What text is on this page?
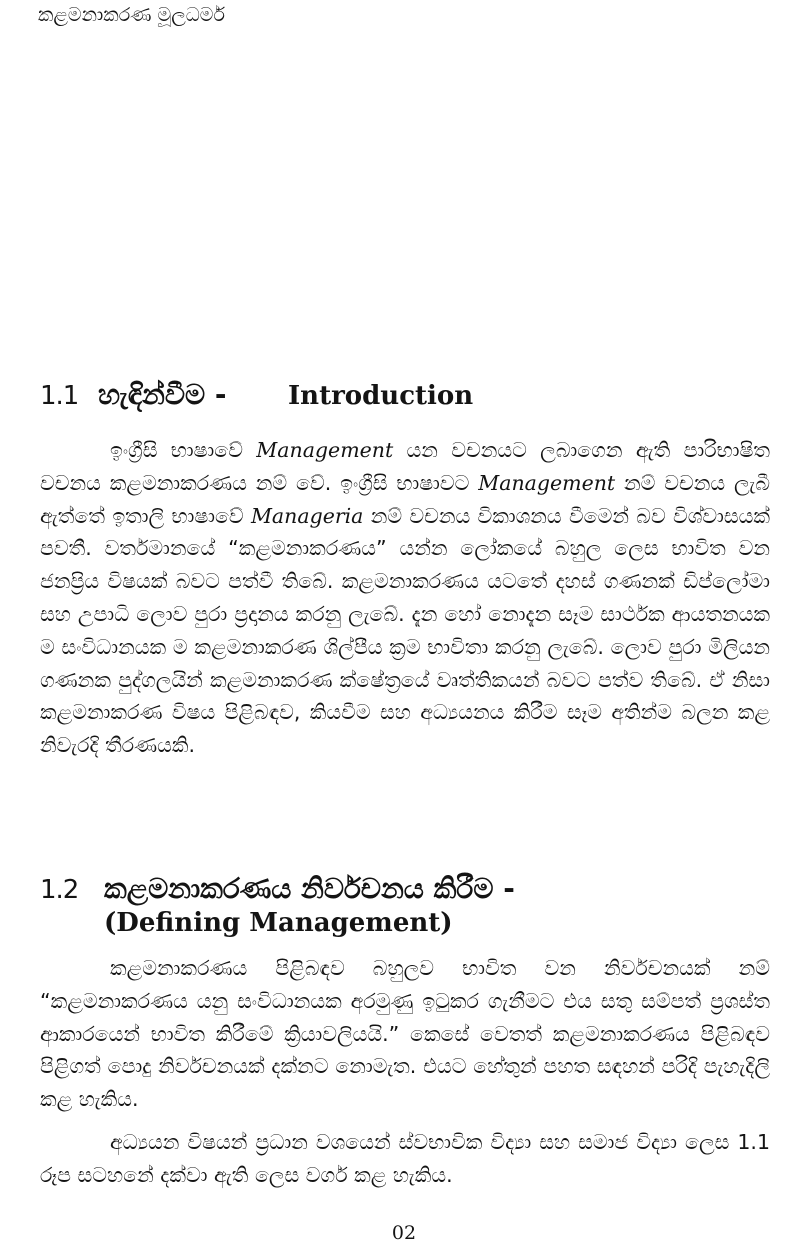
කළමනාකරණ මූලධර්ම
1.1 හැඳින්වීම -	Introduction
ඉංග්‍රීසි භාෂාවේ Management යන වචනයට ලබාගෙන ඇති පාරිභාෂිත වචනය කළමනාකරණය නම් වේ. ඉංග්‍රීසි භාෂාවට Management නම් වචනය ලැබී ඇත්තේ ඉතාලි භාෂාවේ Manageria නම් වචනය විකාශනය වීමෙන් බව විශ්වාසයක් පවතී. වර්තමානයේ “කළමනාකරණය” යන්න ලෝකයේ බහුල ලෙස භාවිත වන ජනප්‍රිය විෂයක් බවට පත්වී තිබේ. කළමනාකරණය යටතේ දහස් ගණනක් ඩිප්ලෝමා සහ උපාධි ලොව පුරා ප්‍රදානය කරනු ලැබේ. දැන හෝ නොදැන සෑම සාර්ථක ආයතනයක ම සංවිධානයක ම කළමනාකරණ ශිල්පීය ක්‍රම භාවිතා කරනු ලැබේ. ලොව පුරා මිලියන ගණනක පුද්ගලයින් කළමනාකරණ ක්ෂේත්‍රයේ වෘත්තිකයන් බවට පත්ව තිබේ. ඒ නිසා කළමනාකරණ විෂය පිළිබඳව, කියවීම සහ අධ්‍යයනය කිරීම සෑම අතින්ම බලන කළ නිවැරදි තීරණයකි.
1.2 කළමනාකරණය නිර්වචනය කිරීම -
(Defining Management)

කළමනාකරණය පිළිබඳව බහුලව භාවිත වන නිර්වචනයක් නම් “කළමනාකරණය යනු සංවිධානයක අරමුණු ඉටුකර ගැනීමට එය සතු සම්පත් ප්‍රශස්ත ආකාරයෙන් භාවිත කිරීමේ ක්‍රියාවලියයි.” කෙසේ වෙතත් කළමනාකරණය පිළිබඳව පිළිගත් පොදු නිර්වචනයක් දක්නට නොමැත. එයට හේතුන් පහත සඳහන් පරිදි පැහැදිලි කළ හැකිය.

අධ්‍යයන විෂයන් ප්‍රධාන වශයෙන් ස්වභාවික විද්‍යා සහ සමාජ විද්‍යා ලෙස 1.1 රූප සටහනේ දක්වා ඇති ලෙස වර්ග කළ හැකිය.

02
